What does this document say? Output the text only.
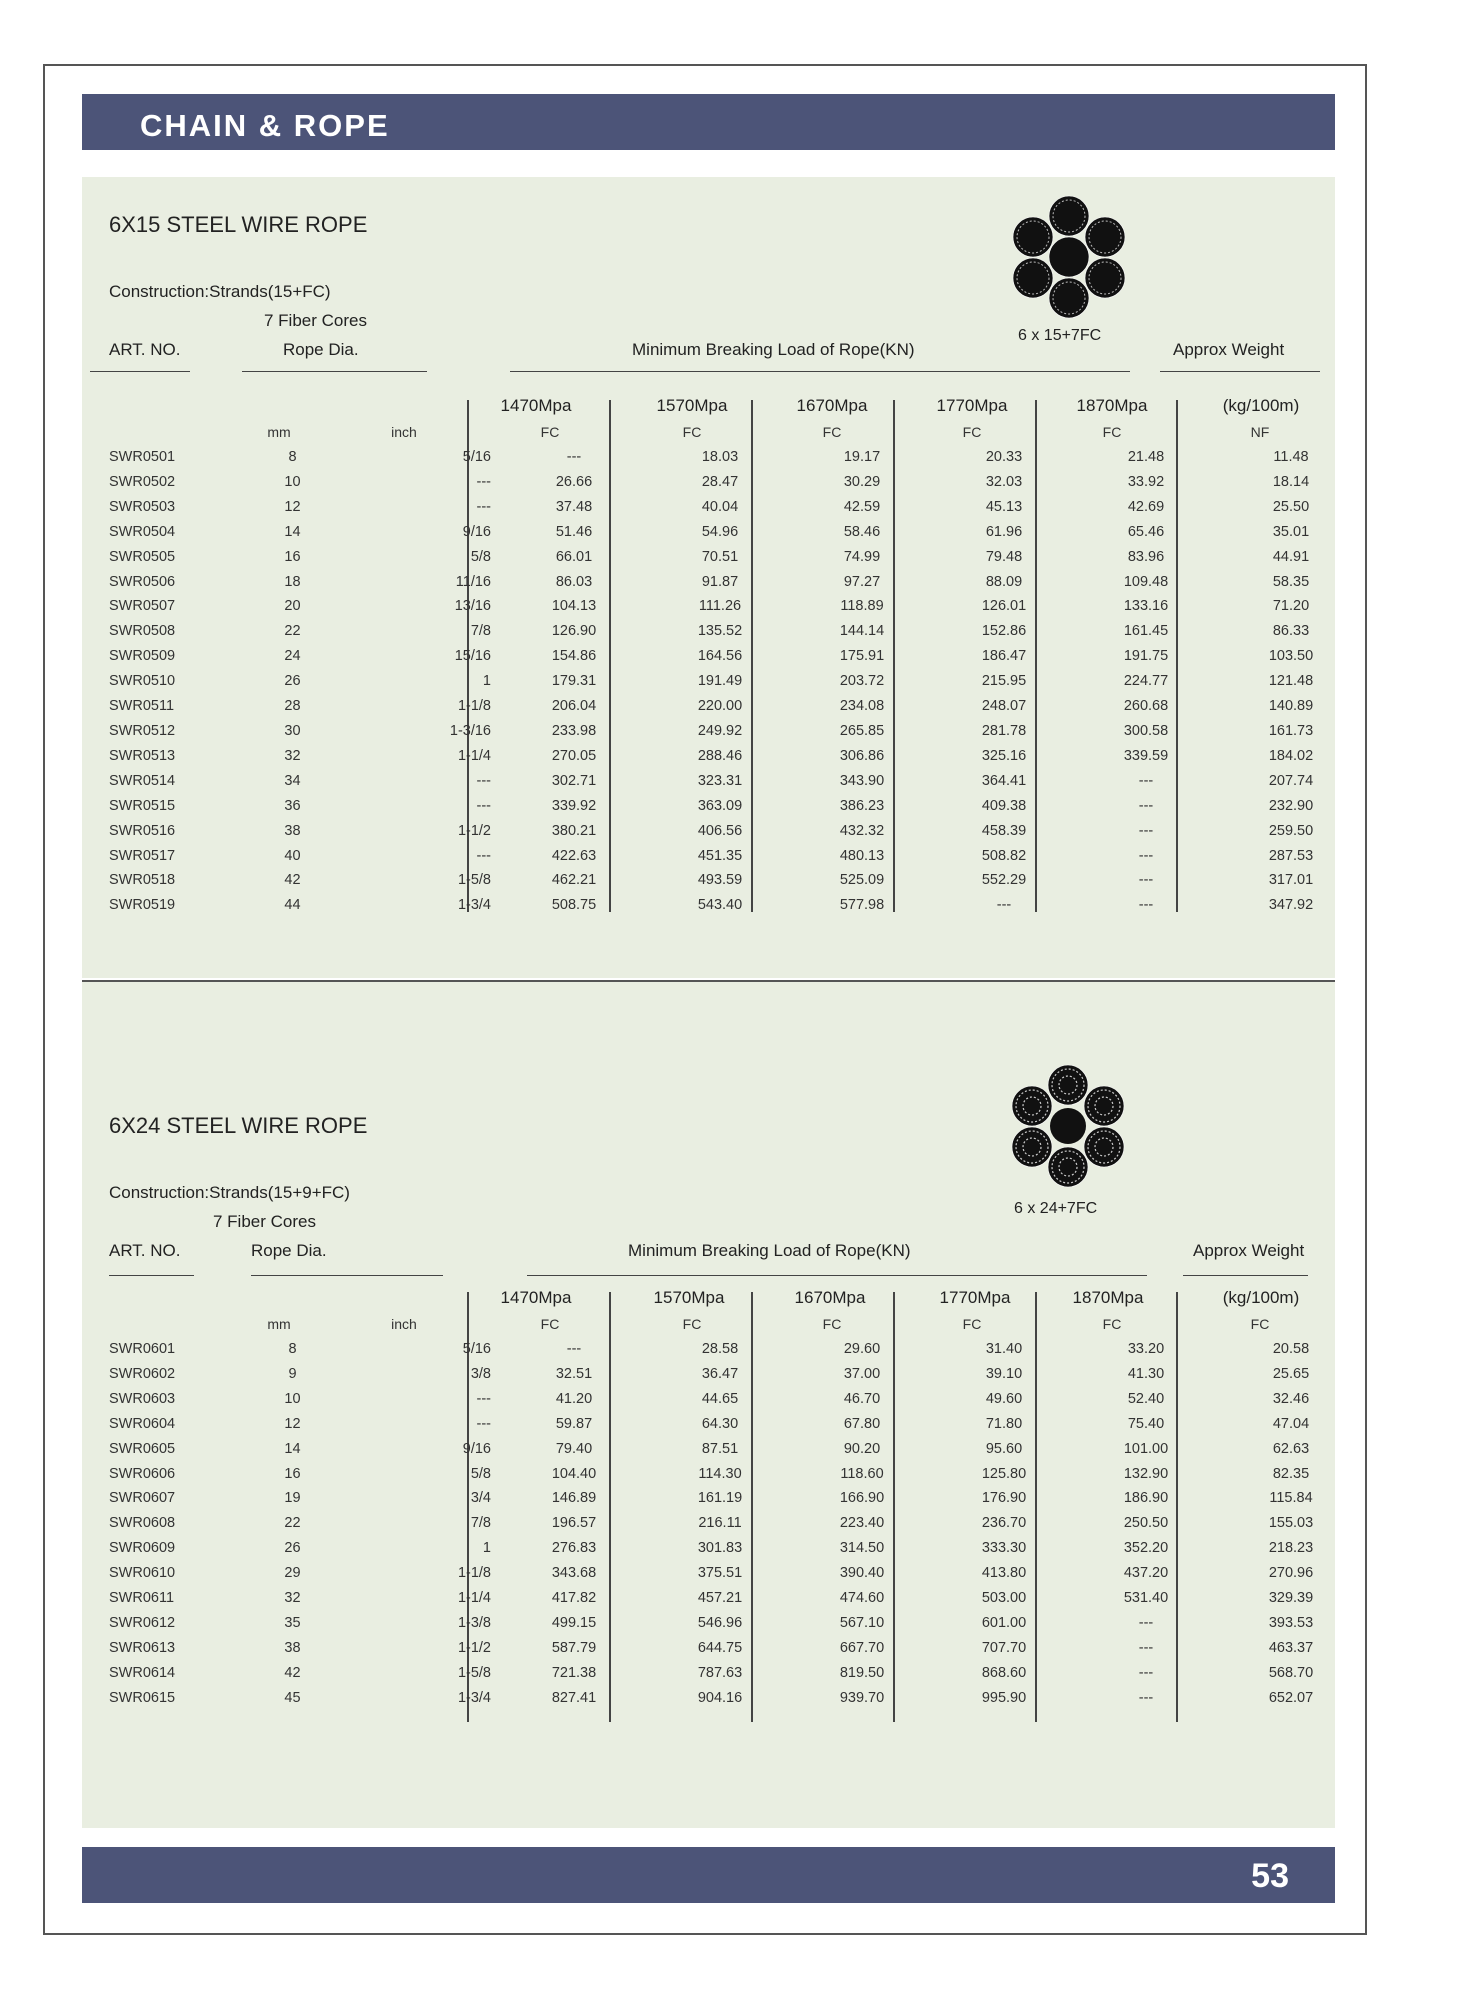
CHAIN & ROPE
6X15 STEEL WIRE ROPE
Construction:Strands(15+FC)
7 Fiber Cores
ART. NO.	Rope Dia.	Minimum Breaking Load of Rope(KN)	Approx Weight
6 x 15+7FC
1470Mpa	1570Mpa	1670Mpa	1770Mpa	1870Mpa	(kg/100m)
mm	inch	FC	FC	FC	FC	FC	NF
SWR0501	8	5/16	---	18.03	19.17	20.33	21.48	11.48
SWR0502	10	---	26.66	28.47	30.29	32.03	33.92	18.14
SWR0503	12	---	37.48	40.04	42.59	45.13	42.69	25.50
SWR0504	14	9/16	51.46	54.96	58.46	61.96	65.46	35.01
SWR0505	16	5/8	66.01	70.51	74.99	79.48	83.96	44.91
SWR0506	18	11/16	86.03	91.87	97.27	88.09	109.48	58.35
SWR0507	20	13/16	104.13	111.26	118.89	126.01	133.16	71.20
SWR0508	22	7/8	126.90	135.52	144.14	152.86	161.45	86.33
SWR0509	24	15/16	154.86	164.56	175.91	186.47	191.75	103.50
SWR0510	26	1	179.31	191.49	203.72	215.95	224.77	121.48
SWR0511	28	1-1/8	206.04	220.00	234.08	248.07	260.68	140.89
SWR0512	30	1-3/16	233.98	249.92	265.85	281.78	300.58	161.73
SWR0513	32	1-1/4	270.05	288.46	306.86	325.16	339.59	184.02
SWR0514	34	---	302.71	323.31	343.90	364.41	---	207.74
SWR0515	36	---	339.92	363.09	386.23	409.38	---	232.90
SWR0516	38	1-1/2	380.21	406.56	432.32	458.39	---	259.50
SWR0517	40	---	422.63	451.35	480.13	508.82	---	287.53
SWR0518	42	1-5/8	462.21	493.59	525.09	552.29	---	317.01
SWR0519	44	1-3/4	508.75	543.40	577.98	---	---	347.92
6X24 STEEL WIRE ROPE
Construction:Strands(15+9+FC)
7 Fiber Cores
ART. NO.	Rope Dia.	Minimum Breaking Load of Rope(KN)	Approx Weight
6 x 24+7FC
1470Mpa	1570Mpa	1670Mpa	1770Mpa	1870Mpa	(kg/100m)
mm	inch	FC	FC	FC	FC	FC	FC
SWR0601	8	5/16	---	28.58	29.60	31.40	33.20	20.58
SWR0602	9	3/8	32.51	36.47	37.00	39.10	41.30	25.65
SWR0603	10	---	41.20	44.65	46.70	49.60	52.40	32.46
SWR0604	12	---	59.87	64.30	67.80	71.80	75.40	47.04
SWR0605	14	9/16	79.40	87.51	90.20	95.60	101.00	62.63
SWR0606	16	5/8	104.40	114.30	118.60	125.80	132.90	82.35
SWR0607	19	3/4	146.89	161.19	166.90	176.90	186.90	115.84
SWR0608	22	7/8	196.57	216.11	223.40	236.70	250.50	155.03
SWR0609	26	1	276.83	301.83	314.50	333.30	352.20	218.23
SWR0610	29	1-1/8	343.68	375.51	390.40	413.80	437.20	270.96
SWR0611	32	1-1/4	417.82	457.21	474.60	503.00	531.40	329.39
SWR0612	35	1-3/8	499.15	546.96	567.10	601.00	---	393.53
SWR0613	38	1-1/2	587.79	644.75	667.70	707.70	---	463.37
SWR0614	42	1-5/8	721.38	787.63	819.50	868.60	---	568.70
SWR0615	45	1-3/4	827.41	904.16	939.70	995.90	---	652.07
53
